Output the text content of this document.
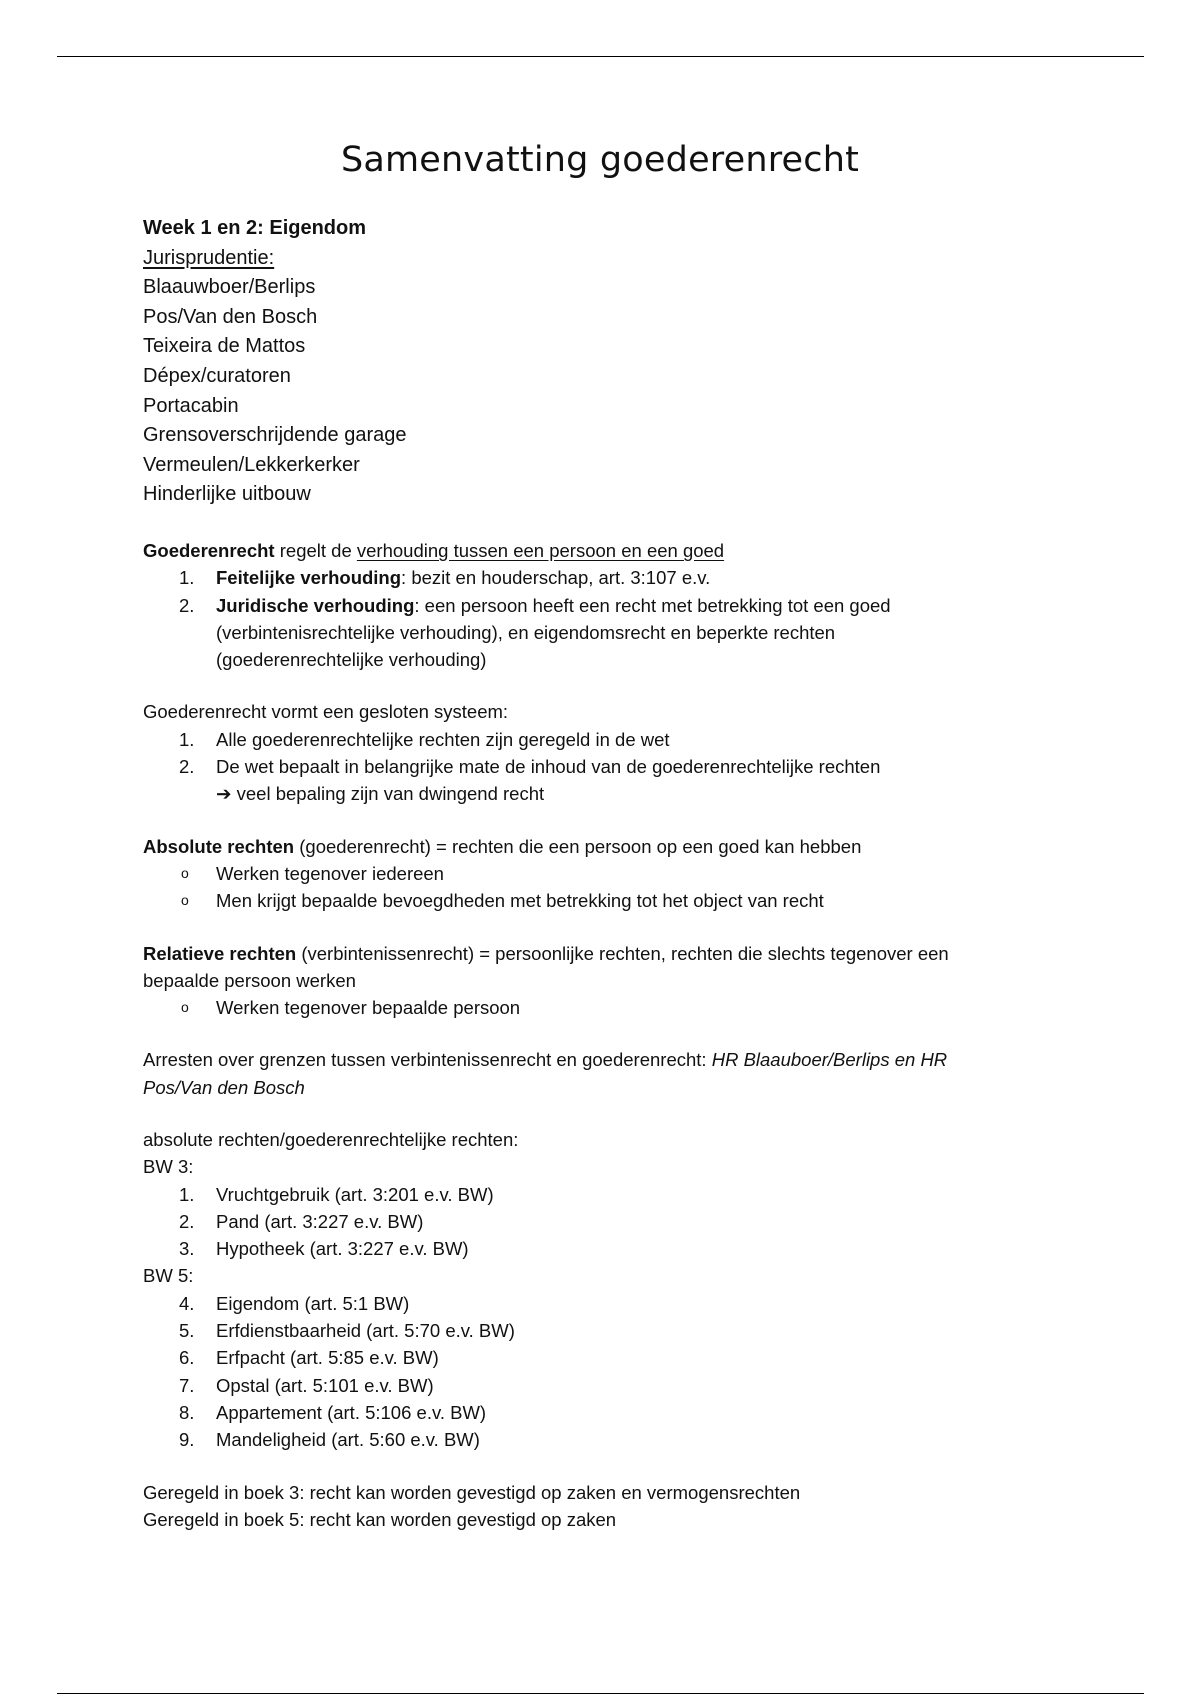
Samenvatting goederenrecht
Week 1 en 2: Eigendom
Jurisprudentie:
Blaauwboer/Berlips
Pos/Van den Bosch
Teixeira de Mattos
Dépex/curatoren
Portacabin
Grensoverschrijdende garage
Vermeulen/Lekkerkerker
Hinderlijke uitbouw
Goederenrecht regelt de verhouding tussen een persoon en een goed
1. Feitelijke verhouding: bezit en houderschap, art. 3:107 e.v.
2. Juridische verhouding: een persoon heeft een recht met betrekking tot een goed
(verbintenisrechtelijke verhouding), en eigendomsrecht en beperkte rechten
(goederenrechtelijke verhouding)
Goederenrecht vormt een gesloten systeem:
1. Alle goederenrechtelijke rechten zijn geregeld in de wet
2. De wet bepaalt in belangrijke mate de inhoud van de goederenrechtelijke rechten
➔ veel bepaling zijn van dwingend recht
Absolute rechten (goederenrecht) = rechten die een persoon op een goed kan hebben
o Werken tegenover iedereen
o Men krijgt bepaalde bevoegdheden met betrekking tot het object van recht
Relatieve rechten (verbintenissenrecht) = persoonlijke rechten, rechten die slechts tegenover een
bepaalde persoon werken
o Werken tegenover bepaalde persoon
Arresten over grenzen tussen verbintenissenrecht en goederenrecht: HR Blaauboer/Berlips en HR
Pos/Van den Bosch
absolute rechten/goederenrechtelijke rechten:
BW 3:
1. Vruchtgebruik (art. 3:201 e.v. BW)
2. Pand (art. 3:227 e.v. BW)
3. Hypotheek (art. 3:227 e.v. BW)
BW 5:
4. Eigendom (art. 5:1 BW)
5. Erfdienstbaarheid (art. 5:70 e.v. BW)
6. Erfpacht (art. 5:85 e.v. BW)
7. Opstal (art. 5:101 e.v. BW)
8. Appartement (art. 5:106 e.v. BW)
9. Mandeligheid (art. 5:60 e.v. BW)
Geregeld in boek 3: recht kan worden gevestigd op zaken en vermogensrechten
Geregeld in boek 5: recht kan worden gevestigd op zaken
